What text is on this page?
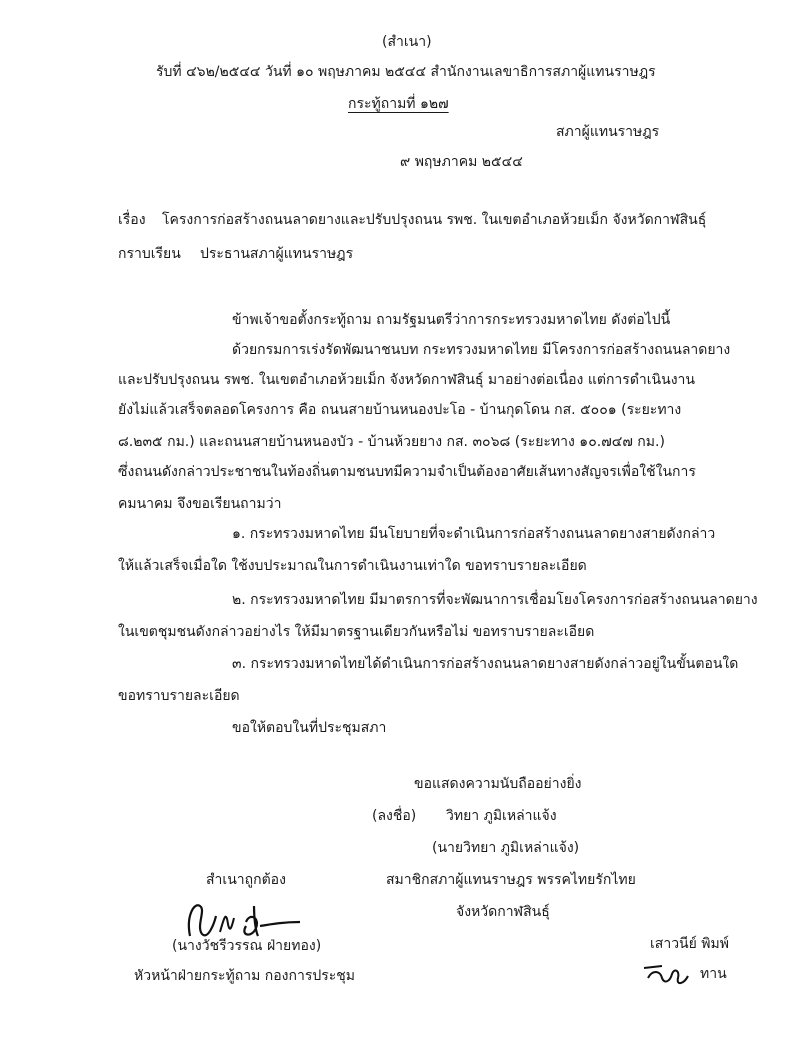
(สำเนา)
รับที่ ๔๖๒/๒๕๔๔ วันที่ ๑๐ พฤษภาคม ๒๕๔๔ สำนักงานเลขาธิการสภาผู้แทนราษฎร
กระทู้ถามที่ ๑๒๗
สภาผู้แทนราษฎร
๙ พฤษภาคม ๒๕๔๔
เรื่อง โครงการก่อสร้างถนนลาดยางและปรับปรุงถนน รพช. ในเขตอำเภอห้วยเม็ก จังหวัดกาฬสินธุ์
กราบเรียน ประธานสภาผู้แทนราษฎร
ข้าพเจ้าขอตั้งกระทู้ถาม ถามรัฐมนตรีว่าการกระทรวงมหาดไทย ดังต่อไปนี้
ด้วยกรมการเร่งรัดพัฒนาชนบท กระทรวงมหาดไทย มีโครงการก่อสร้างถนนลาดยาง
และปรับปรุงถนน รพช. ในเขตอำเภอห้วยเม็ก จังหวัดกาฬสินธุ์ มาอย่างต่อเนื่อง แต่การดำเนินงาน
ยังไม่แล้วเสร็จตลอดโครงการ คือ ถนนสายบ้านหนองปะโอ - บ้านกุดโดน กส. ๕๐๐๑ (ระยะทาง
๘.๒๓๕ กม.) และถนนสายบ้านหนองบัว - บ้านห้วยยาง กส. ๓๐๖๘ (ระยะทาง ๑๐.๗๔๗ กม.)
ซึ่งถนนดังกล่าวประชาชนในท้องถิ่นตามชนบทมีความจำเป็นต้องอาศัยเส้นทางสัญจรเพื่อใช้ในการ
คมนาคม จึงขอเรียนถามว่า
๑. กระทรวงมหาดไทย มีนโยบายที่จะดำเนินการก่อสร้างถนนลาดยางสายดังกล่าว
ให้แล้วเสร็จเมื่อใด ใช้งบประมาณในการดำเนินงานเท่าใด ขอทราบรายละเอียด
๒. กระทรวงมหาดไทย มีมาตรการที่จะพัฒนาการเชื่อมโยงโครงการก่อสร้างถนนลาดยาง
ในเขตชุมชนดังกล่าวอย่างไร ให้มีมาตรฐานเดียวกันหรือไม่ ขอทราบรายละเอียด
๓. กระทรวงมหาดไทยได้ดำเนินการก่อสร้างถนนลาดยางสายดังกล่าวอยู่ในขั้นตอนใด
ขอทราบรายละเอียด
ขอให้ตอบในที่ประชุมสภา
ขอแสดงความนับถืออย่างยิ่ง
(ลงชื่อ) วิทยา ภูมิเหล่าแจ้ง
(นายวิทยา ภูมิเหล่าแจ้ง)
สมาชิกสภาผู้แทนราษฎร พรรคไทยรักไทย
จังหวัดกาฬสินธุ์
สำเนาถูกต้อง
(นางวัชรีวรรณ ฝ่ายทอง)
หัวหน้าฝ่ายกระทู้ถาม กองการประชุม
เสาวนีย์ พิมพ์
ทาน
